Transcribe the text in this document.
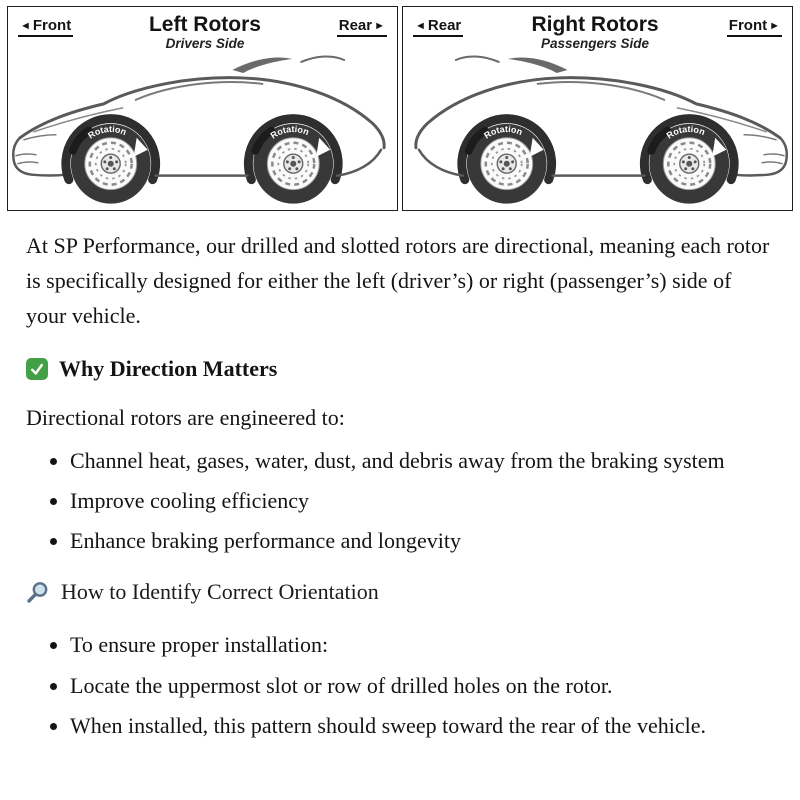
◄ Front	Left Rotors
Drivers Side
Rear ►	◄ Rear	Right Rotors
Passengers Side
Front ►

At SP Performance, our drilled and slotted rotors are directional, meaning each rotor is specifically designed for either the left (driver’s) or right (passenger’s) side of your vehicle.

Why Direction Matters

Directional rotors are engineered to:

• Channel heat, gases, water, dust, and debris away from the braking system
• Improve cooling efficiency
• Enhance braking performance and longevity
How to Identify Correct Orientation
• To ensure proper installation:
• Locate the uppermost slot or row of drilled holes on the rotor.
• When installed, this pattern should sweep toward the rear of the vehicle.
